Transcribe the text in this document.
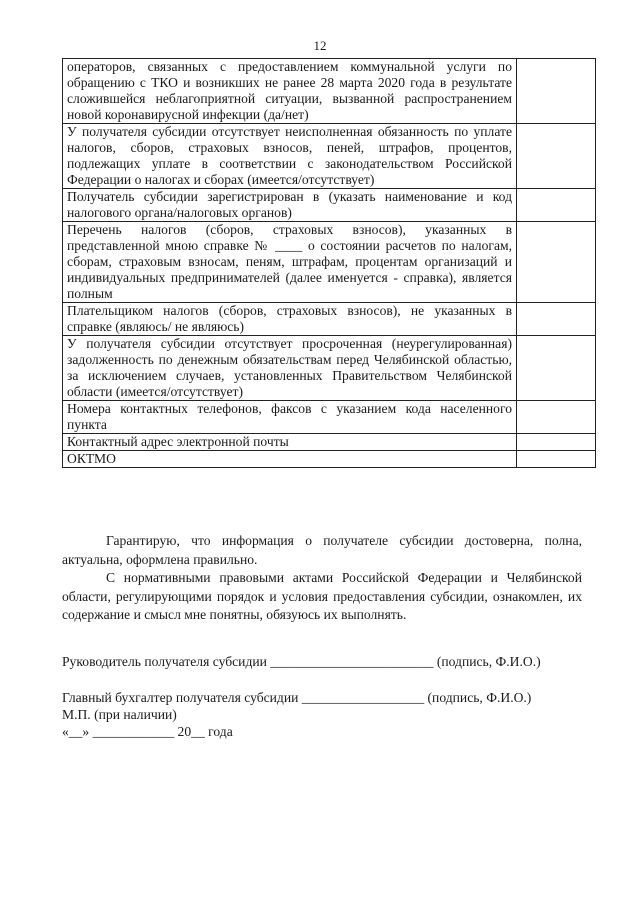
12
операторов, связанных с предоставлением коммунальной услуги по обращению с ТКО и возникших не ранее 28 марта 2020 года в результате сложившейся неблагоприятной ситуации, вызванной распространением новой коронавирусной инфекции (да/нет)	
У получателя субсидии отсутствует неисполненная обязанность по уплате налогов, сборов, страховых взносов, пеней, штрафов, процентов, подлежащих уплате в соответствии с законодательством Российской Федерации о налогах и сборах (имеется/отсутствует)	
Получатель субсидии зарегистрирован в (указать наименование и код налогового органа/налоговых органов)	
Перечень налогов (сборов, страховых взносов), указанных в представленной мною справке № ____ о состоянии расчетов по налогам, сборам, страховым взносам, пеням, штрафам, процентам организаций и индивидуальных предпринимателей (далее именуется - справка), является полным	
Плательщиком налогов (сборов, страховых взносов), не указанных в справке (являюсь/ не являюсь)	
У получателя субсидии отсутствует просроченная (неурегулированная) задолженность по денежным обязательствам перед Челябинской областью, за исключением случаев, установленных Правительством Челябинской области (имеется/отсутствует)	
Номера контактных телефонов, факсов с указанием кода населенного пункта	
Контактный адрес электронной почты	
ОКТМО	

Гарантирую, что информация о получателе субсидии достоверна, полна, актуальна, оформлена правильно.

С нормативными правовыми актами Российской Федерации и Челябинской области, регулирующими порядок и условия предоставления субсидии, ознакомлен, их содержание и смысл мне понятны, обязуюсь их выполнять.

Руководитель получателя субсидии ________________________ (подпись, Ф.И.О.)
Главный бухгалтер получателя субсидии __________________ (подпись, Ф.И.О.)
М.П. (при наличии)
«__» ____________ 20__ года
